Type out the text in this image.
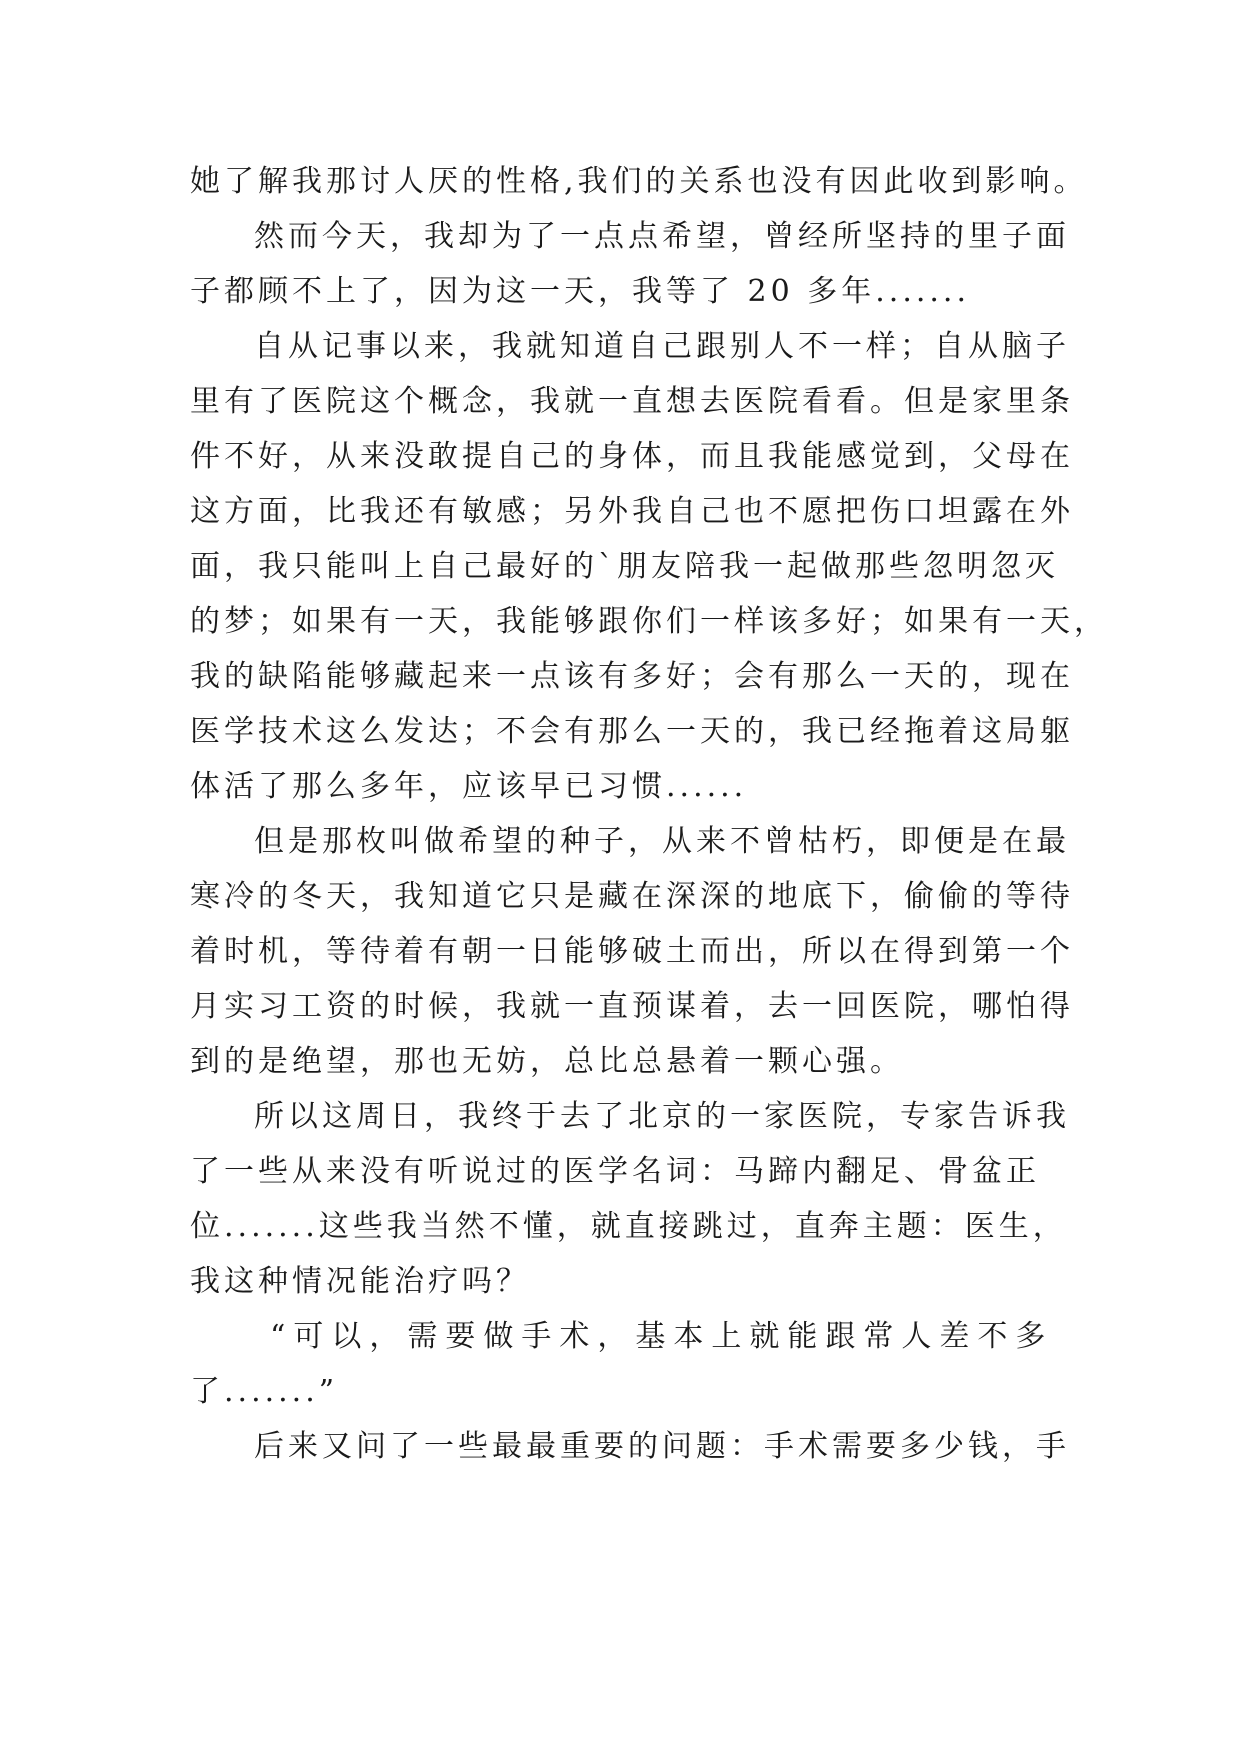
她了解我那讨人厌的性格,我们的关系也没有因此收到影响。
然而今天，我却为了一点点希望，曾经所坚持的里子面
子都顾不上了，因为这一天，我等了 20 多年.......
自从记事以来，我就知道自己跟别人不一样；自从脑子
里有了医院这个概念，我就一直想去医院看看。但是家里条
件不好，从来没敢提自己的身体，而且我能感觉到，父母在
这方面，比我还有敏感；另外我自己也不愿把伤口坦露在外
面，我只能叫上自己最好的`朋友陪我一起做那些忽明忽灭
的梦；如果有一天，我能够跟你们一样该多好；如果有一天，
我的缺陷能够藏起来一点该有多好；会有那么一天的，现在
医学技术这么发达；不会有那么一天的，我已经拖着这局躯
体活了那么多年，应该早已习惯......
但是那枚叫做希望的种子，从来不曾枯朽，即便是在最
寒冷的冬天，我知道它只是藏在深深的地底下，偷偷的等待
着时机，等待着有朝一日能够破土而出，所以在得到第一个
月实习工资的时候，我就一直预谋着，去一回医院，哪怕得
到的是绝望，那也无妨，总比总悬着一颗心强。
所以这周日，我终于去了北京的一家医院，专家告诉我
了一些从来没有听说过的医学名词：马蹄内翻足、骨盆正
位.......这些我当然不懂，就直接跳过，直奔主题：医生，
我这种情况能治疗吗？
“可以，需要做手术，基本上就能跟常人差不多
了.......”
后来又问了一些最最重要的问题：手术需要多少钱，手
